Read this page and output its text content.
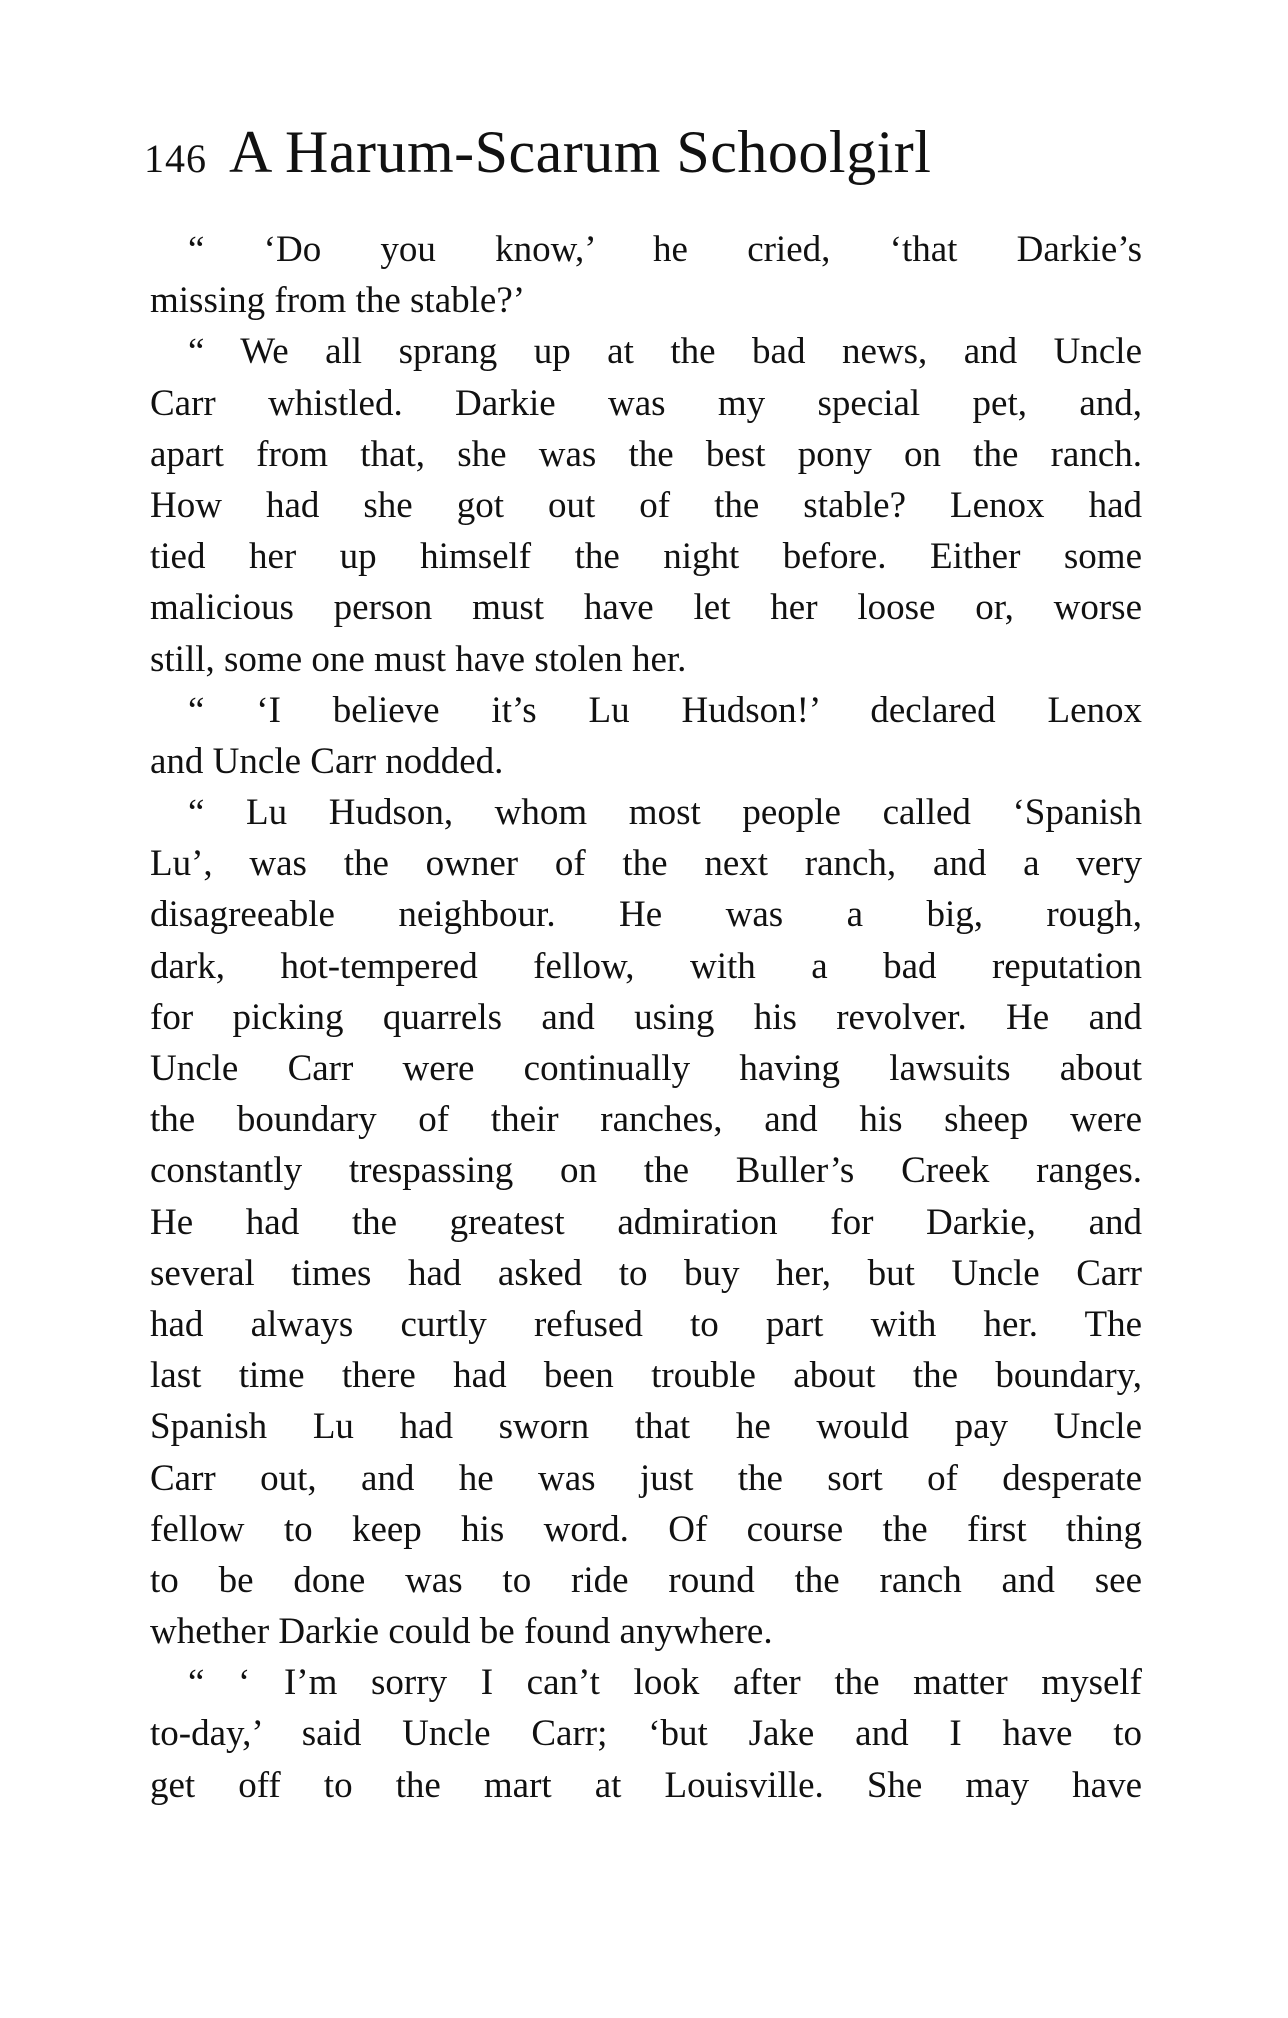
146 A Harum-Scarum Schoolgirl
“ ‘Do you know,’ he cried, ‘that Darkie’s
missing from the stable?’
“ We all sprang up at the bad news, and Uncle
Carr whistled. Darkie was my special pet, and,
apart from that, she was the best pony on the ranch.
How had she got out of the stable? Lenox had
tied her up himself the night before. Either some
malicious person must have let her loose or, worse
still, some one must have stolen her.
“ ‘I believe it’s Lu Hudson!’ declared Lenox
and Uncle Carr nodded.
“ Lu Hudson, whom most people called ‘Spanish
Lu’, was the owner of the next ranch, and a very
disagreeable neighbour. He was a big, rough,
dark, hot-tempered fellow, with a bad reputation
for picking quarrels and using his revolver. He and
Uncle Carr were continually having lawsuits about
the boundary of their ranches, and his sheep were
constantly trespassing on the Buller’s Creek ranges.
He had the greatest admiration for Darkie, and
several times had asked to buy her, but Uncle Carr
had always curtly refused to part with her. The
last time there had been trouble about the boundary,
Spanish Lu had sworn that he would pay Uncle
Carr out, and he was just the sort of desperate
fellow to keep his word. Of course the first thing
to be done was to ride round the ranch and see
whether Darkie could be found anywhere.
“ ‘ I’m sorry I can’t look after the matter myself
to-day,’ said Uncle Carr; ‘but Jake and I have to
get off to the mart at Louisville. She may have
